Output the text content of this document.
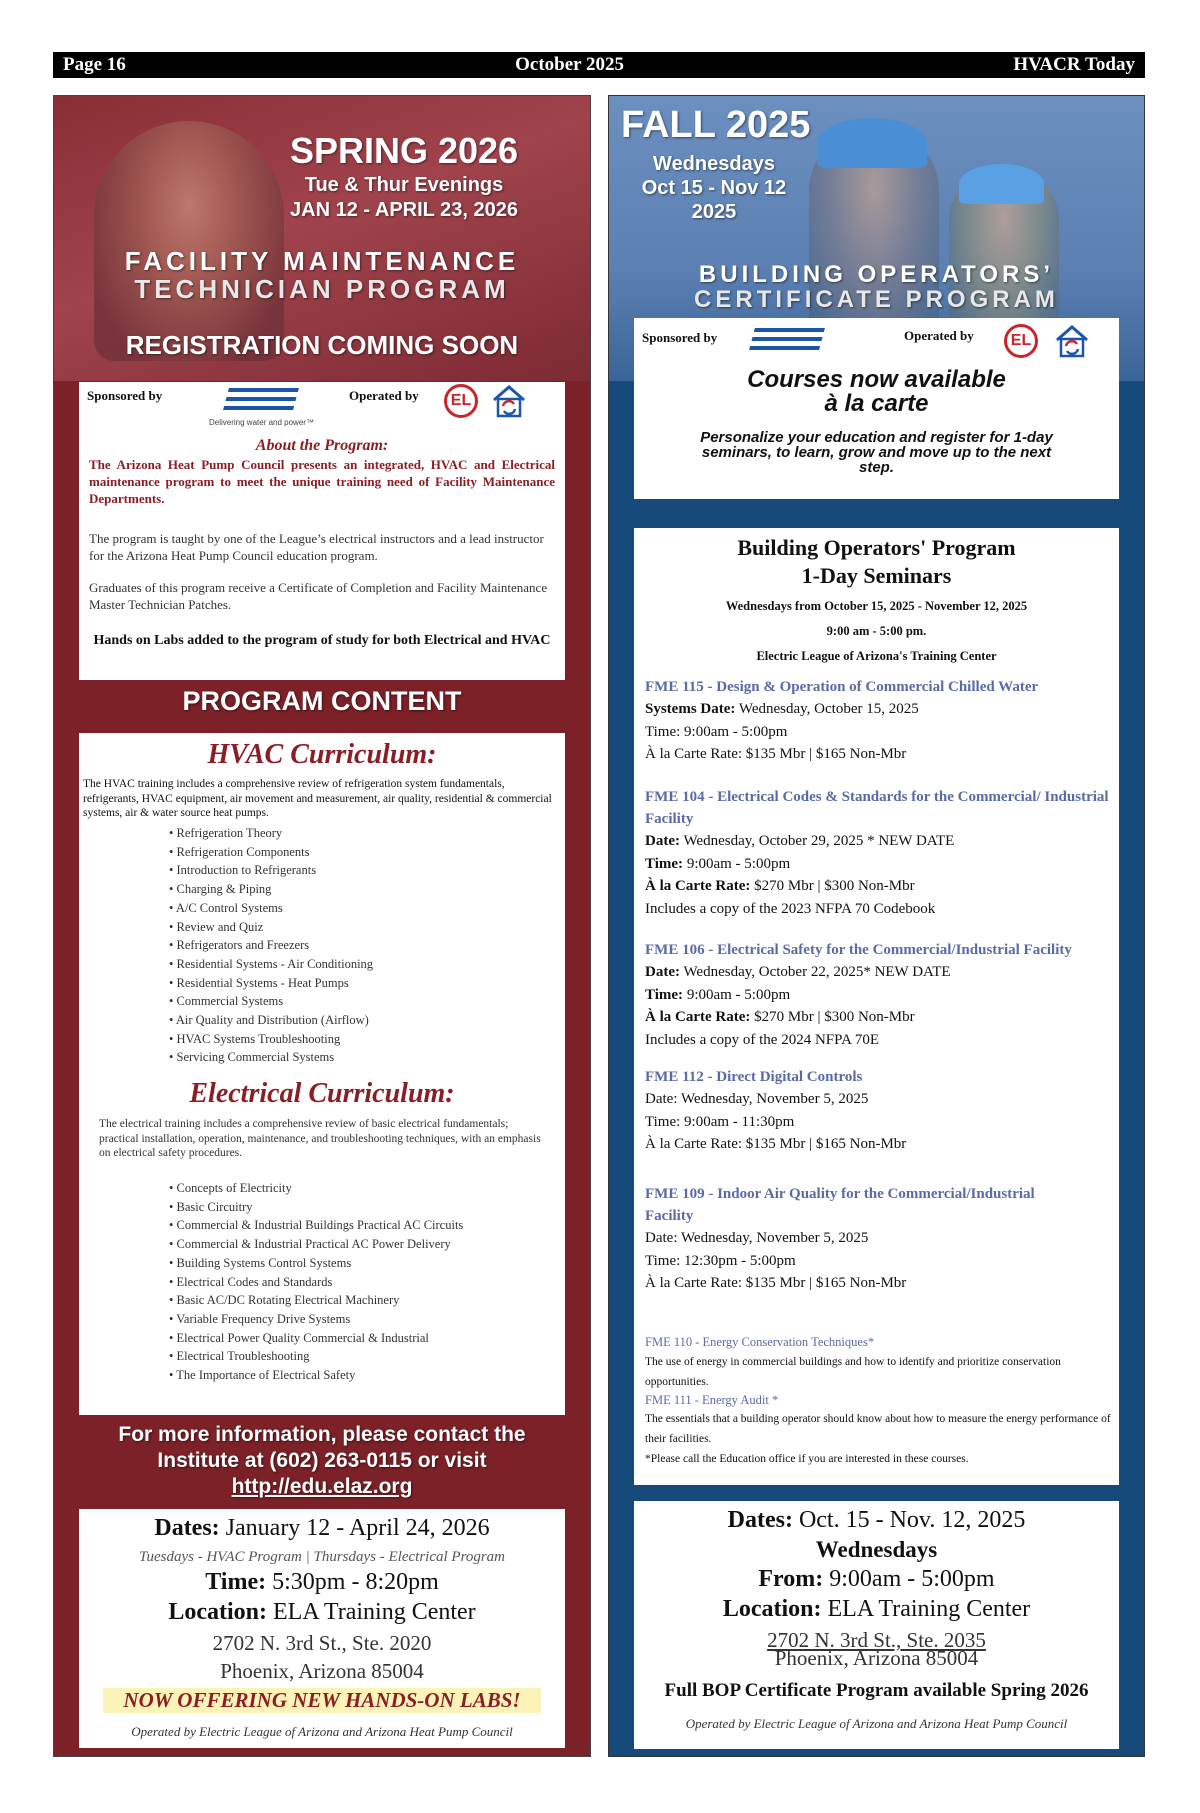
Page 16	October 2025	HVACR Today
SPRING 2026
Tue & Thur Evenings
JAN 12 - APRIL 23, 2026
FACILITY MAINTENANCE
TECHNICIAN PROGRAM
REGISTRATION COMING SOON
Sponsored by
Delivering water and power™
Operated by	EL
About the Program:
The Arizona Heat Pump Council presents an integrated, HVAC and Electrical maintenance program to meet the unique training need of Facility Maintenance Departments.
The program is taught by one of the League’s electrical instructors and a lead instructor for the Arizona Heat Pump Council education program.
Graduates of this program receive a Certificate of Completion and Facility Maintenance Master Technician Patches.
Hands on Labs added to the program of study for both Electrical and HVAC
PROGRAM CONTENT
HVAC Curriculum:
The HVAC training includes a comprehensive review of refrigeration system fundamentals, refrigerants, HVAC equipment, air movement and measurement, air quality, residential & commercial systems, air & water source heat pumps.
• Refrigeration Theory
• Refrigeration Components
• Introduction to Refrigerants
• Charging & Piping
• A/C Control Systems
• Review and Quiz
• Refrigerators and Freezers
• Residential Systems - Air Conditioning
• Residential Systems - Heat Pumps
• Commercial Systems
• Air Quality and Distribution (Airflow)
• HVAC Systems Troubleshooting
• Servicing Commercial Systems
Electrical Curriculum:
The electrical training includes a comprehensive review of basic electrical fundamentals; practical installation, operation, maintenance, and troubleshooting techniques, with an emphasis on electrical safety procedures.
• Concepts of Electricity
• Basic Circuitry
• Commercial & Industrial Buildings Practical AC Circuits
• Commercial & Industrial Practical AC Power Delivery
• Building Systems Control Systems
• Electrical Codes and Standards
• Basic AC/DC Rotating Electrical Machinery
• Variable Frequency Drive Systems
• Electrical Power Quality Commercial & Industrial
• Electrical Troubleshooting
• The Importance of Electrical Safety
For more information, please contact the
Institute at (602) 263-0115 or visit
http://edu.elaz.org
Dates: January 12 - April 24, 2026
Tuesdays - HVAC Program | Thursdays - Electrical Program
Time: 5:30pm - 8:20pm
Location: ELA Training Center
2702 N. 3rd St., Ste. 2020
Phoenix, Arizona 85004
NOW OFFERING NEW HANDS-ON LABS!
Operated by Electric League of Arizona and Arizona Heat Pump Council
FALL 2025
Wednesdays
Oct 15 - Nov 12
2025
BUILDING OPERATORS’
CERTIFICATE PROGRAM
Sponsored by	Operated by	EL
Courses now available
à la carte
Personalize your education and register for 1-day seminars, to learn, grow and move up to the next step.
Building Operators' Program
1-Day Seminars
Wednesdays from October 15, 2025 - November 12, 2025
9:00 am - 5:00 pm.
Electric League of Arizona's Training Center
FME 115 - Design & Operation of Commercial Chilled Water
Systems Date: Wednesday, October 15, 2025
Time: 9:00am - 5:00pm
À la Carte Rate: $135 Mbr | $165 Non-Mbr
FME 104 - Electrical Codes & Standards for the Commercial/ Industrial Facility
Date: Wednesday, October 29, 2025 * NEW DATE
Time: 9:00am - 5:00pm
À la Carte Rate: $270 Mbr | $300 Non-Mbr
Includes a copy of the 2023 NFPA 70 Codebook
FME 106 - Electrical Safety for the Commercial/Industrial Facility
Date: Wednesday, October 22, 2025* NEW DATE
Time: 9:00am - 5:00pm
À la Carte Rate: $270 Mbr | $300 Non-Mbr
Includes a copy of the 2024 NFPA 70E
FME 112 - Direct Digital Controls
Date: Wednesday, November 5, 2025
Time: 9:00am - 11:30pm
À la Carte Rate: $135 Mbr | $165 Non-Mbr
FME 109 - Indoor Air Quality for the Commercial/Industrial Facility
Date: Wednesday, November 5, 2025
Time: 12:30pm - 5:00pm
À la Carte Rate: $135 Mbr | $165 Non-Mbr
FME 110 - Energy Conservation Techniques*
The use of energy in commercial buildings and how to identify and prioritize conservation opportunities.
FME 111 - Energy Audit *
The essentials that a building operator should know about how to measure the energy performance of their facilities.
*Please call the Education office if you are interested in these courses.
Dates: Oct. 15 - Nov. 12, 2025
Wednesdays
From: 9:00am - 5:00pm
Location: ELA Training Center
2702 N. 3rd St., Ste. 2035
Phoenix, Arizona 85004
Full BOP Certificate Program available Spring 2026
Operated by Electric League of Arizona and Arizona Heat Pump Council
